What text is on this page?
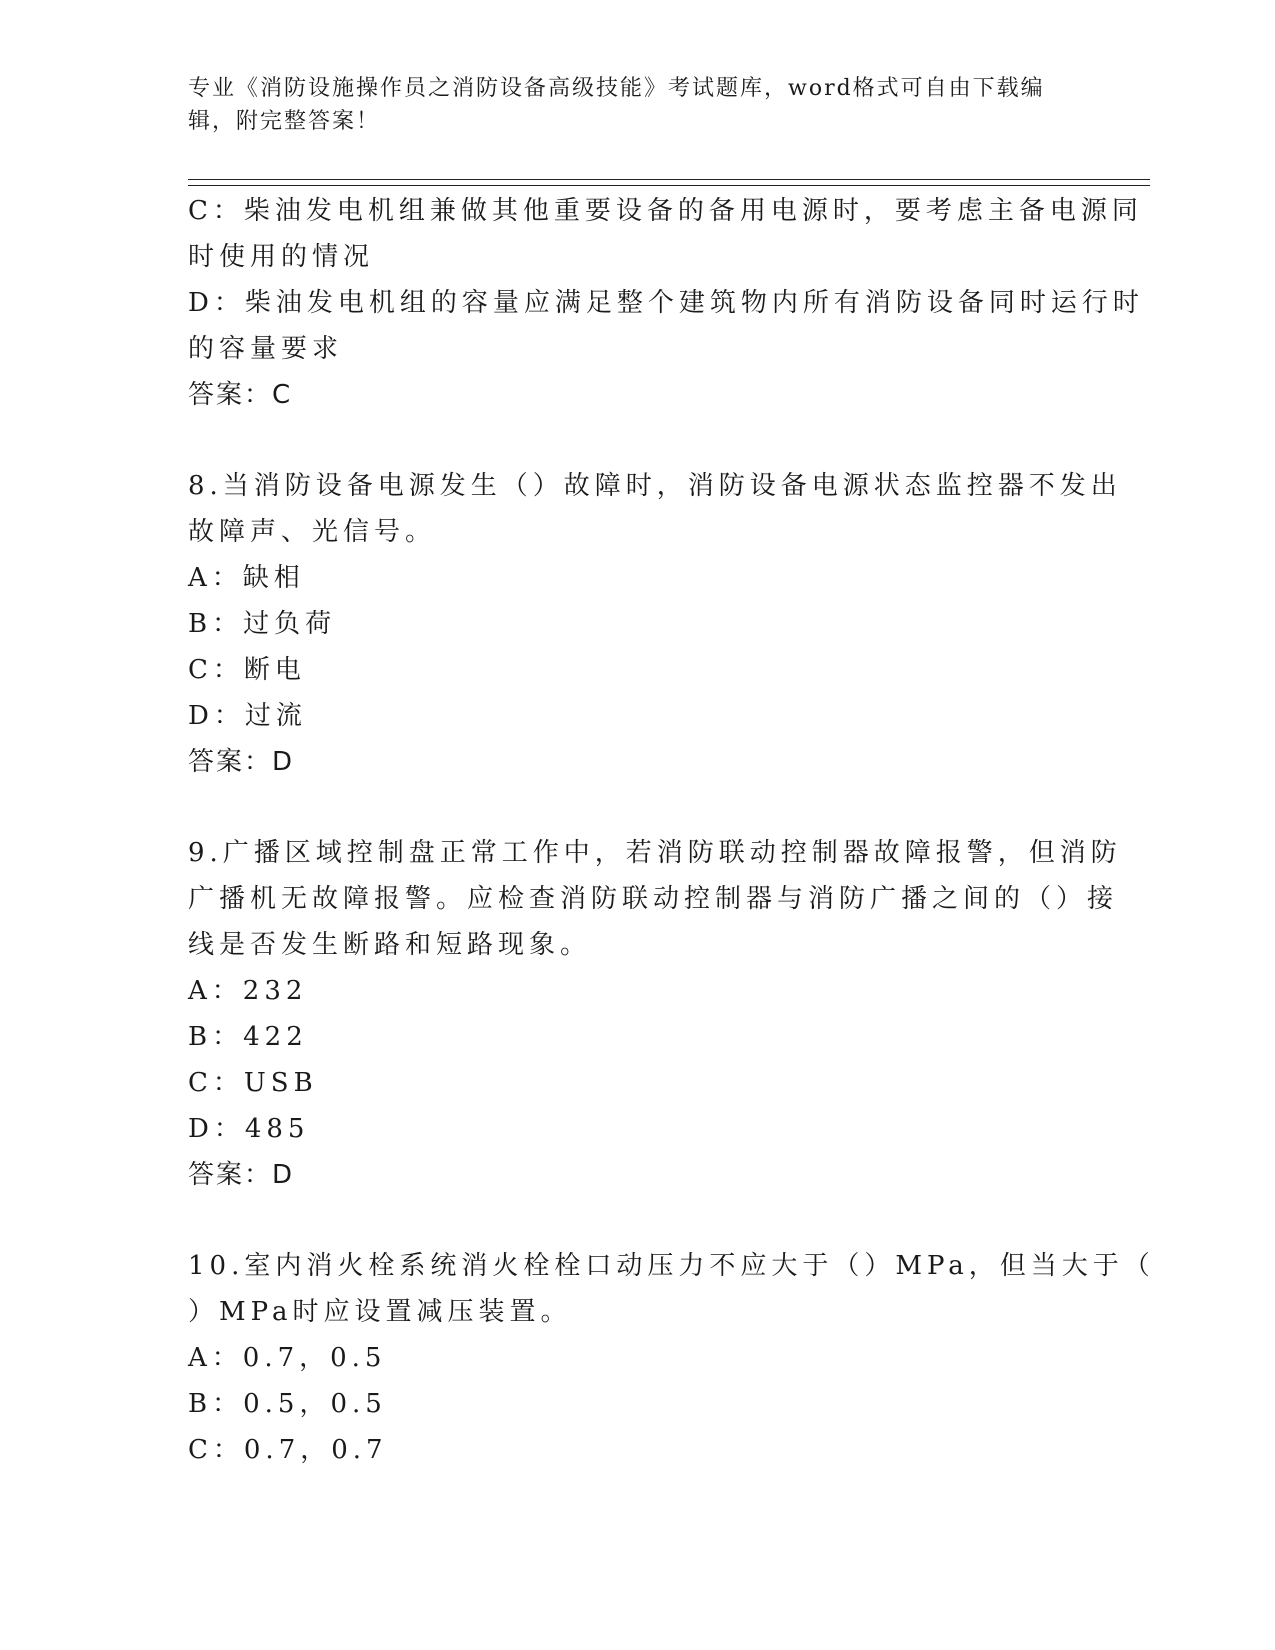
专业《消防设施操作员之消防设备高级技能》考试题库，word格式可自由下载编
辑，附完整答案！
C：柴油发电机组兼做其他重要设备的备用电源时，要考虑主备电源同
时使用的情况
D：柴油发电机组的容量应满足整个建筑物内所有消防设备同时运行时
的容量要求
答案：C
8.当消防设备电源发生（）故障时，消防设备电源状态监控器不发出
故障声、光信号。
A：缺相
B：过负荷
C：断电
D：过流
答案：D
9.广播区域控制盘正常工作中，若消防联动控制器故障报警，但消防
广播机无故障报警。应检查消防联动控制器与消防广播之间的（）接
线是否发生断路和短路现象。
A：232
B：422
C：USB
D：485
答案：D
10.室内消火栓系统消火栓栓口动压力不应大于（）MPa，但当大于（
）MPa时应设置减压装置。
A：0.7，0.5
B：0.5，0.5
C：0.7，0.7
